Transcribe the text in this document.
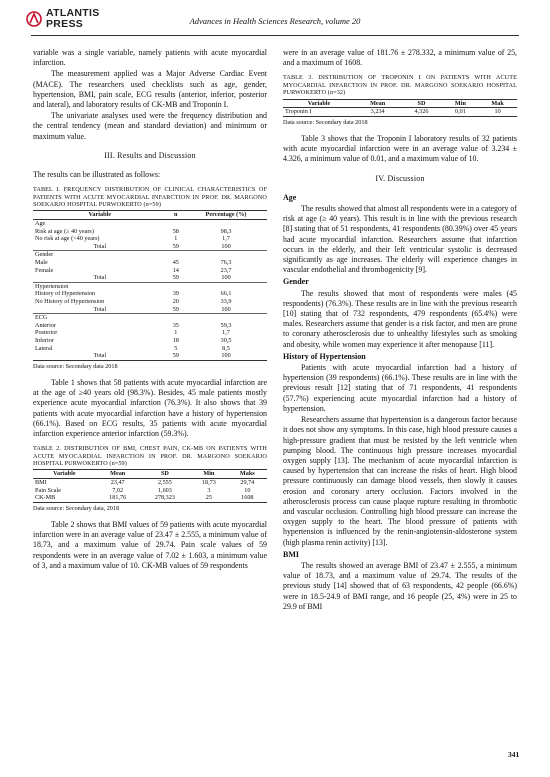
ATLANTIS
PRESS	Advances in Health Sciences Research, volume 20

variable was a single variable, namely patients with acute myocardial infarction.

The measurement applied was a Major Adverse Cardiac Event (MACE). The researchers used checklists such as age, gender, hypertension, BMI, pain scale, ECG results (anterior, inferior, posterior and lateral), and laboratory results of CK-MB and Troponin I.

The univariate analyses used were the frequency distribution and the central tendency (mean and standard deviation) and minimum or maximum value.

III. Results and Discussion

The results can be illustrated as follows:

TABEL I. FREQUENCY DISTRIBUTION OF CLINICAL CHARACTERISTICS OF PATIENTS WITH ACUTE MYOCARDIAL INFARCTION IN PROF. DR. MARGONO SOEKARJO HOSPITAL PURWOKERTO (n=59)
Variable	n	Percentage (%)
Age		
Risk at age (≥ 40 years)	58	98,3
No risk at age (<40 years)	1	1,7
Total	59	100
Gender		
Male	45	76,3
Female	14	23,7
Total	59	100
Hypertension		
History of Hypertension	39	66,1
No History of Hypertension	20	33,9
Total	59	100
ECG		
Anterior	35	59,3
Posterior	1	1,7
Inferior	18	30,5
Lateral	5	8,5
Total	59	100
Data source: Secondary data 2018

Table 1 shows that 58 patients with acute myocardial infarction are at the age of ≥40 years old (98.3%). Besides, 45 male patients mostly experience acute myocardial infarction (76.3%). It also shows that 39 patients with acute myocardial infarction have a history of hypertension (66.1%). Based on ECG results, 35 patients with acute myocardial infarction experience anterior infarction (59.3%).

TABLE 2. DISTRIBUTION OF BMI, CHEST PAIN, CK-MB ON PATIENTS WITH ACUTE MYOCARDIAL INFARCTION IN PROF. DR. MARGONO SOEKARJO HOSPITAL PURWOKERTO (n=59)
Variable	Mean	SD	Min	Maks
BMI	23,47	2,555	18,73	29,74
Pain Scale	7,02	1,603	3	10
CK-MB	181,76	278,323	25	1608
Data source: Secondary data, 2018

Table 2 shows that BMI values of 59 patients with acute myocardial infarction were in an average value of 23.47 ± 2.555, a minimum value of 18.73, and a maximum value of 29.74. Pain scale values of 59 respondents were in an average value of 7.02 ± 1.603, a minimum value of 3, and a maximum value of 10. CK-MB values of 59 respondents

were in an average value of 181.76 ± 278.332, a minimum value of 25, and a maximum of 1608.

TABLE 3. DISTRIBUTION OF TROPONIN I ON PATIENTS WITH ACUTE MYOCARDIAL INFARCTION IN PROF. DR. MARGONO SOEKARJO HOSPITAL PURWOKERTO (n=32)
Variable	Mean	SD	Min	Mak
Troponin I	3,234	4,326	0,01	10
Data source: Secondary data 2018

Table 3 shows that the Troponin I laboratory results of 32 patients with acute myocardial infarction were in an average value of 3.234 ± 4.326, a minimum value of 0.01, and a maximum value of 10.

IV. Discussion
Age

The results showed that almost all respondents were in a category of risk at age (≥ 40 years). This result is in line with the previous research [8] stating that of 51 respondents, 41 respondents (80.39%) over 45 years had acute myocardial infarction. Researchers assume that infarction occurs in the elderly, and their left ventricular systolic is decreased significantly as age increases. The elderly will experience changes in vascular endothelial and thrombogenicity [9].

Gender

The results showed that most of respondents were males (45 respondents) (76.3%). These results are in line with the previous research [10] stating that of 732 respondents, 479 respondents (65.4%) were males. Researchers assume that gender is a risk factor, and men are prone to coronary atherosclerosis due to unhealthy lifestyles such as smoking and obesity, while women may experience it after menopause [11].

History of Hypertension

Patients with acute myocardial infarction had a history of hypertension (39 respondents) (66.1%). These results are in line with the previous result [12] stating that of 71 respondents, 41 respondents (57.7%) experiencing acute myocardial infarction had a history of hypertension.

Researchers assume that hypertension is a dangerous factor because it does not show any symptoms. In this case, high blood pressure causes a high-pressure gradient that must be resisted by the left ventricle when pumping blood. The continuous high pressure increases myocardial oxygen supply [13]. The mechanism of acute myocardial infarction is caused by hypertension that can increase the risks of heart. High blood pressure continuously can damage blood vessels, then slowly it causes erosion and coronary artery occlusion. Factors involved in the atherosclerosis process can cause plaque rupture resulting in thrombotic and vascular occlusion. Controlling high blood pressure can increase the oxygen supply to the heart. The blood pressure of patients with hypertension is influenced by the renin-angiotensin-aldosterone system (high plasma renin activity) [13].

BMI

The results showed an average BMI of 23.47 ± 2.555, a minimum value of 18.73, and a maximum value of 29.74. The results of the previous study [14] showed that of 63 respondents, 42 people (66.6%) were in 18.5-24.9 of BMI range, and 16 people (25, 4%) were in 25 to 29.9 of BMI

341
